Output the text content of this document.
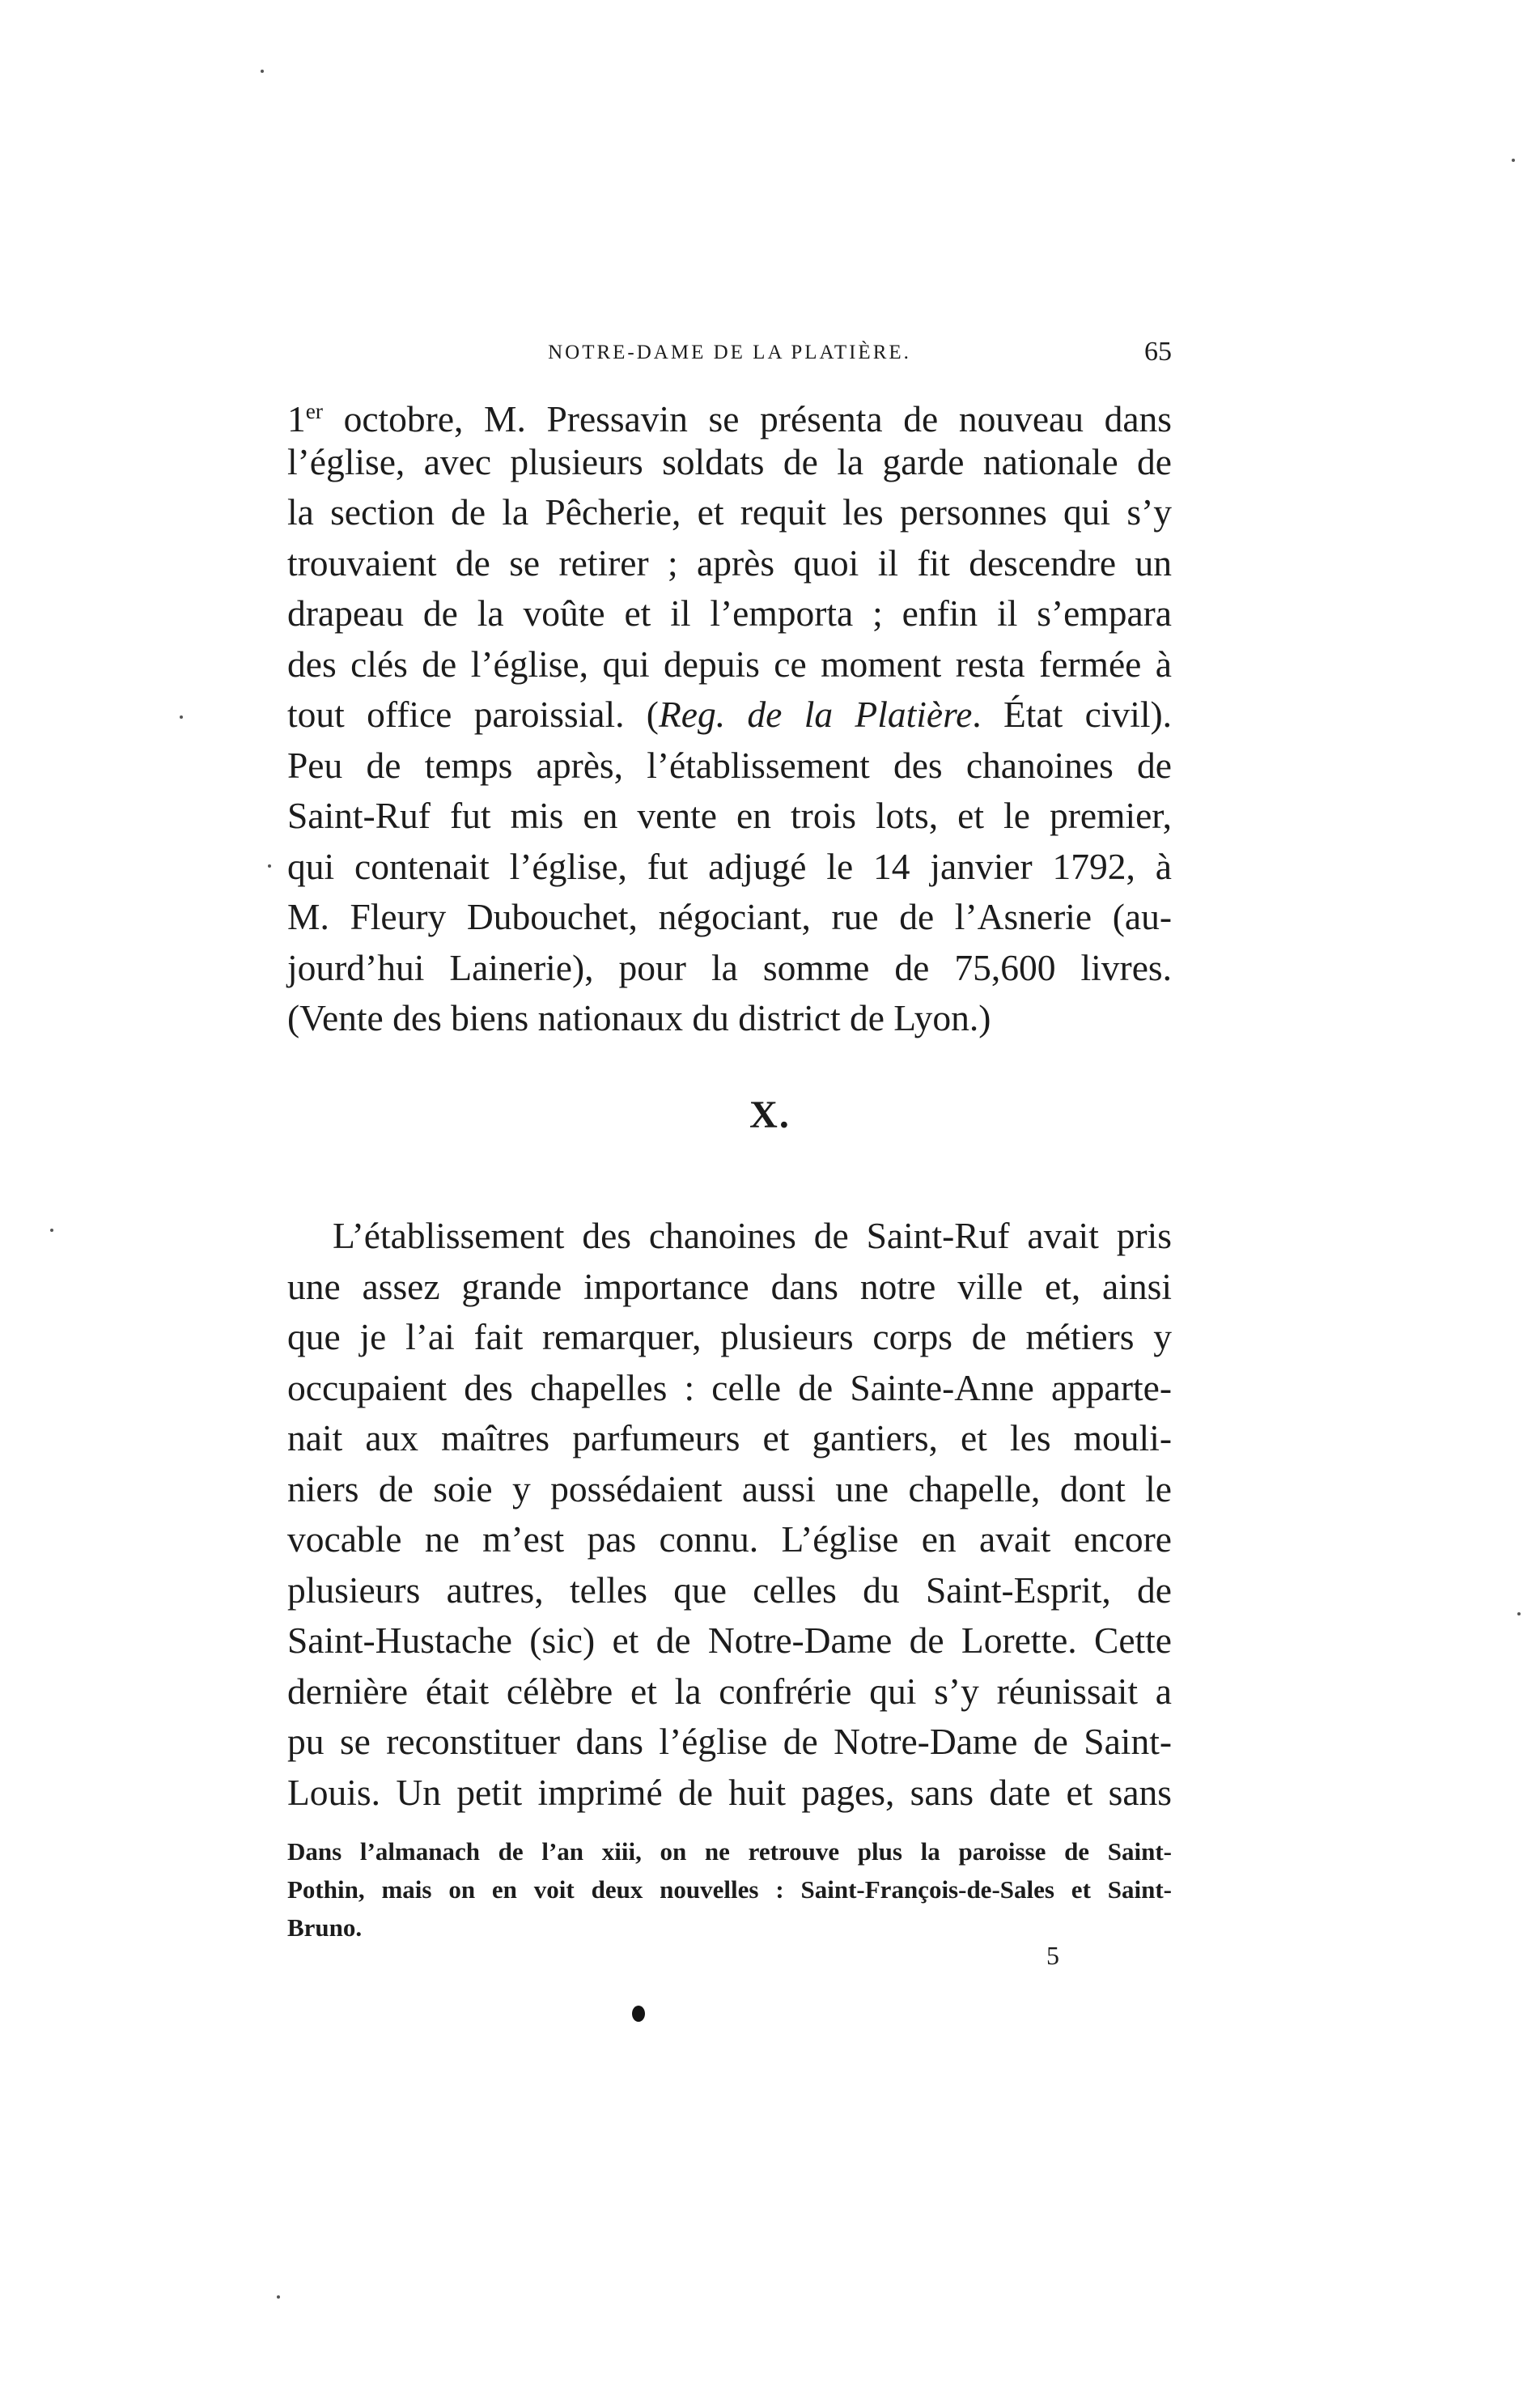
NOTRE-DAME DE LA PLATIÈRE.	65

1er octobre, M. Pressavin se présenta de nouveau dans
l’église, avec plusieurs soldats de la garde nationale de
la section de la Pêcherie, et requit les personnes qui s’y
trouvaient de se retirer ; après quoi il fit descendre un
drapeau de la voûte et il l’emporta ; enfin il s’empara
des clés de l’église, qui depuis ce moment resta fermée à
tout office paroissial. (Reg. de la Platière. État civil).
Peu de temps après, l’établissement des chanoines de
Saint-Ruf fut mis en vente en trois lots, et le premier,
qui contenait l’église, fut adjugé le 14 janvier 1792, à
M. Fleury Dubouchet, négociant, rue de l’Asnerie (au-
jourd’hui Lainerie), pour la somme de 75,600 livres.
(Vente des biens nationaux du district de Lyon.)

X.

L’établissement des chanoines de Saint-Ruf avait pris
une assez grande importance dans notre ville et, ainsi
que je l’ai fait remarquer, plusieurs corps de métiers y
occupaient des chapelles : celle de Sainte-Anne apparte-
nait aux maîtres parfumeurs et gantiers, et les mouli-
niers de soie y possédaient aussi une chapelle, dont le
vocable ne m’est pas connu. L’église en avait encore
plusieurs autres, telles que celles du Saint-Esprit, de
Saint-Hustache (sic) et de Notre-Dame de Lorette. Cette
dernière était célèbre et la confrérie qui s’y réunissait a
pu se reconstituer dans l’église de Notre-Dame de Saint-
Louis. Un petit imprimé de huit pages, sans date et sans

Dans l’almanach de l’an xiii, on ne retrouve plus la paroisse de Saint-
Pothin, mais on en voit deux nouvelles : Saint-François-de-Sales et Saint-
Bruno.

5
